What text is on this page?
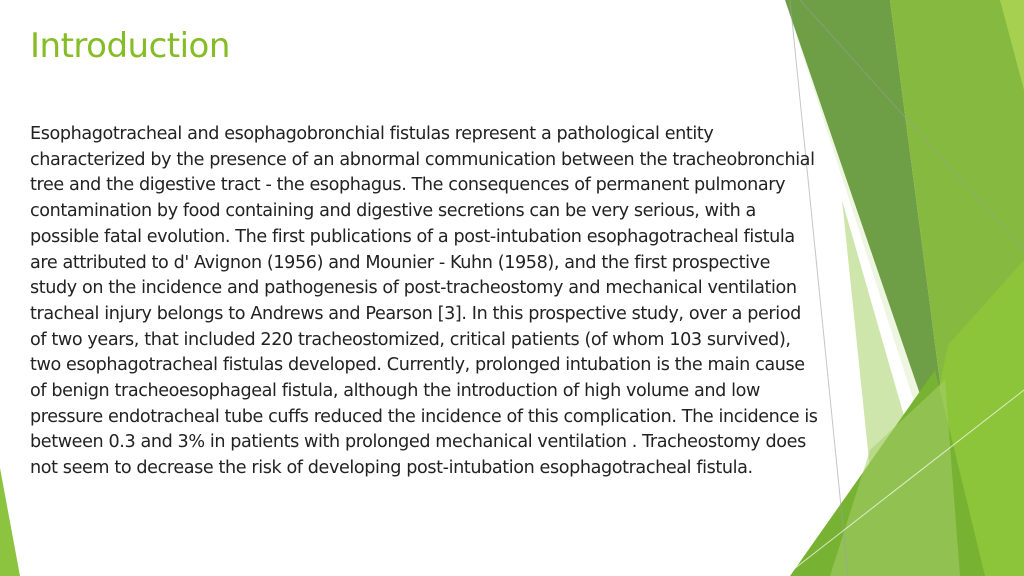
Introduction

Esophagotracheal and esophagobronchial fistulas represent a pathological entity characterized by the presence of an abnormal communication between the tracheobronchial tree and the digestive tract - the esophagus. The consequences of permanent pulmonary contamination by food containing and digestive secretions can be very serious, with a possible fatal evolution. The first publications of a post-intubation esophagotracheal fistula are attributed to d' Avignon (1956) and Mounier - Kuhn (1958), and the first prospective study on the incidence and pathogenesis of post-tracheostomy and mechanical ventilation tracheal injury belongs to Andrews and Pearson [3]. In this prospective study, over a period of two years, that included 220 tracheostomized, critical patients (of whom 103 survived), two esophagotracheal fistulas developed. Currently, prolonged intubation is the main cause of benign tracheoesophageal fistula, although the introduction of high volume and low pressure endotracheal tube cuffs reduced the incidence of this complication. The incidence is between 0.3 and 3% in patients with prolonged mechanical ventilation . Tracheostomy does not seem to decrease the risk of developing post-intubation esophagotracheal fistula.
